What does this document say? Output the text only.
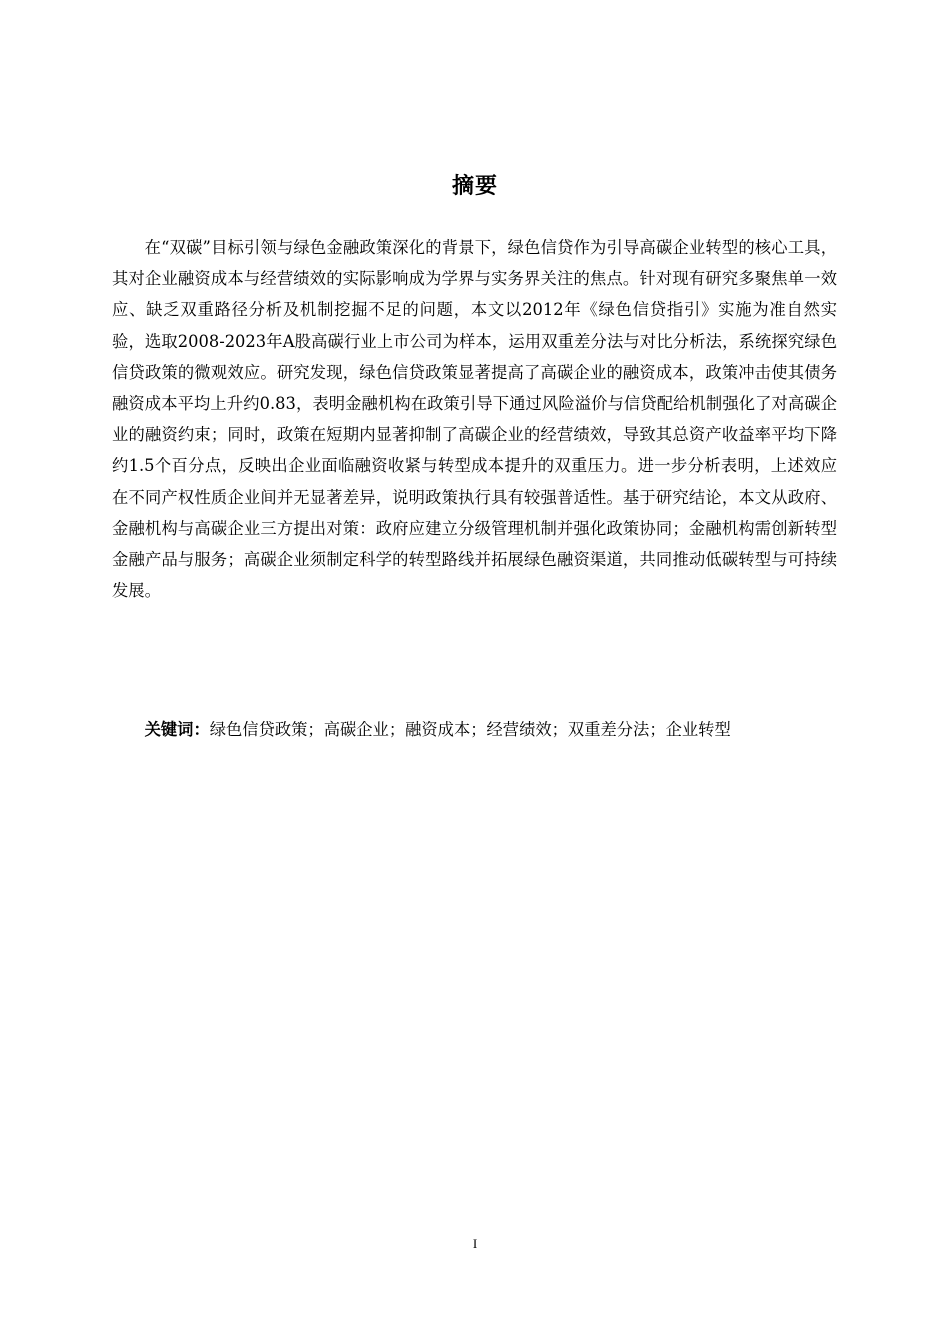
摘要

在“双碳”目标引领与绿色金融政策深化的背景下，绿色信贷作为引导高碳企业转型的核心工具，其对企业融资成本与经营绩效的实际影响成为学界与实务界关注的焦点。针对现有研究多聚焦单一效应、缺乏双重路径分析及机制挖掘不足的问题，本文以2012年《绿色信贷指引》实施为准自然实验，选取2008-2023年A股高碳行业上市公司为样本，运用双重差分法与对比分析法，系统探究绿色信贷政策的微观效应。研究发现，绿色信贷政策显著提高了高碳企业的融资成本，政策冲击使其债务融资成本平均上升约0.83，表明金融机构在政策引导下通过风险溢价与信贷配给机制强化了对高碳企业的融资约束；同时，政策在短期内显著抑制了高碳企业的经营绩效，导致其总资产收益率平均下降约1.5个百分点，反映出企业面临融资收紧与转型成本提升的双重压力。进一步分析表明，上述效应在不同产权性质企业间并无显著差异，说明政策执行具有较强普适性。基于研究结论，本文从政府、金融机构与高碳企业三方提出对策：政府应建立分级管理机制并强化政策协同；金融机构需创新转型金融产品与服务；高碳企业须制定科学的转型路线并拓展绿色融资渠道，共同推动低碳转型与可持续发展。

关键词：绿色信贷政策；高碳企业；融资成本；经营绩效；双重差分法；企业转型

I
